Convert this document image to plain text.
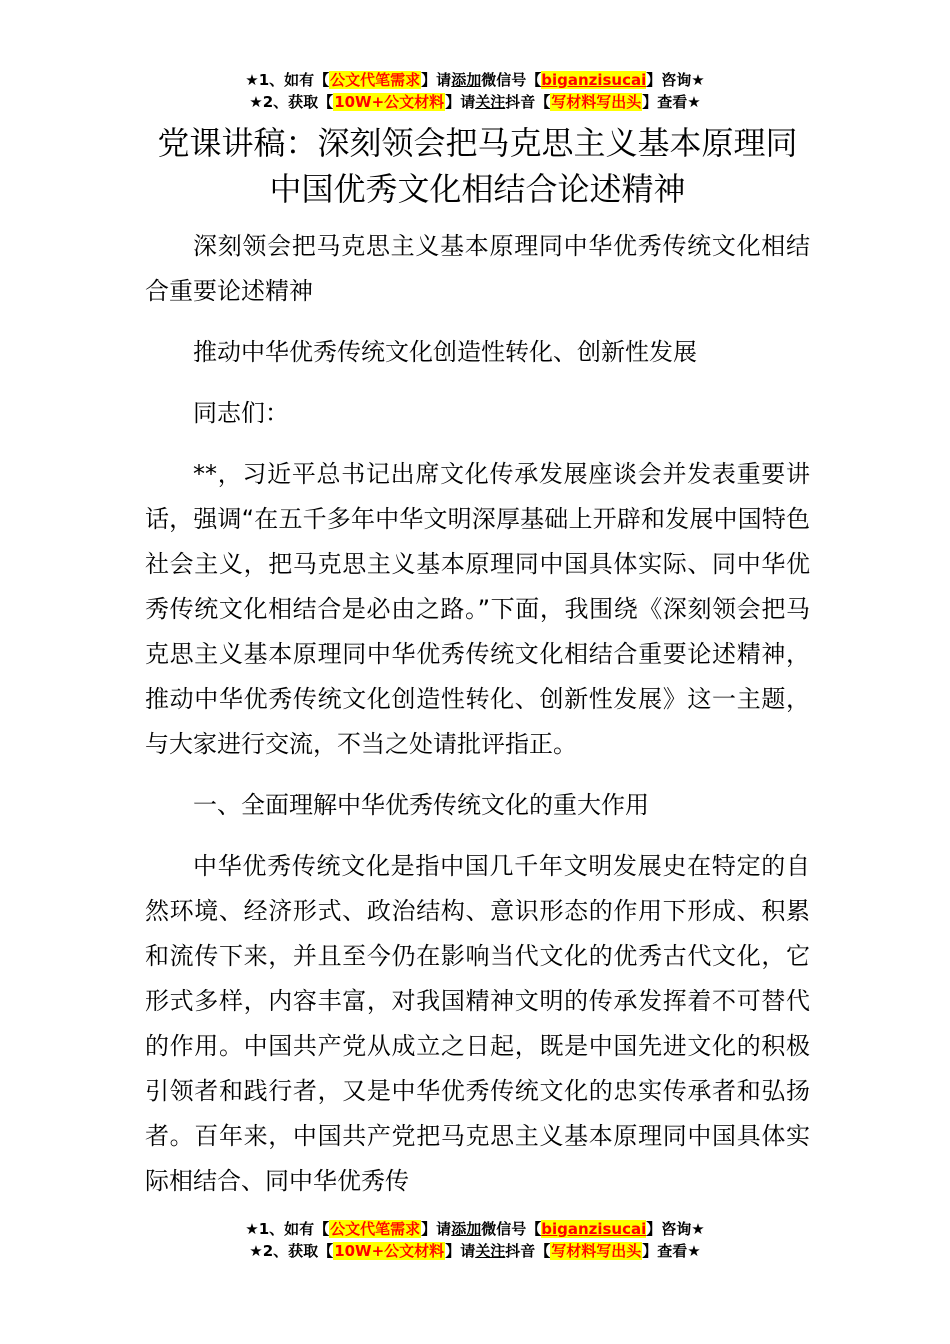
★1、如有【公文代笔需求】请添加微信号【biganzisucai】咨询★
★2、获取【10W+公文材料】请关注抖音【写材料写出头】查看★
党课讲稿：深刻领会把马克思主义基本原理同中国优秀文化相结合论述精神

深刻领会把马克思主义基本原理同中华优秀传统文化相结合重要论述精神

推动中华优秀传统文化创造性转化、创新性发展

同志们：

**，习近平总书记出席文化传承发展座谈会并发表重要讲话，强调“在五千多年中华文明深厚基础上开辟和发展中国特色社会主义，把马克思主义基本原理同中国具体实际、同中华优秀传统文化相结合是必由之路。”下面，我围绕《深刻领会把马克思主义基本原理同中华优秀传统文化相结合重要论述精神，推动中华优秀传统文化创造性转化、创新性发展》这一主题，与大家进行交流，不当之处请批评指正。

一、全面理解中华优秀传统文化的重大作用

中华优秀传统文化是指中国几千年文明发展史在特定的自然环境、经济形式、政治结构、意识形态的作用下形成、积累和流传下来，并且至今仍在影响当代文化的优秀古代文化，它形式多样，内容丰富，对我国精神文明的传承发挥着不可替代的作用。中国共产党从成立之日起，既是中国先进文化的积极引领者和践行者，又是中华优秀传统文化的忠实传承者和弘扬者。百年来，中国共产党把马克思主义基本原理同中国具体实际相结合、同中华优秀传

★1、如有【公文代笔需求】请添加微信号【biganzisucai】咨询★
★2、获取【10W+公文材料】请关注抖音【写材料写出头】查看★
